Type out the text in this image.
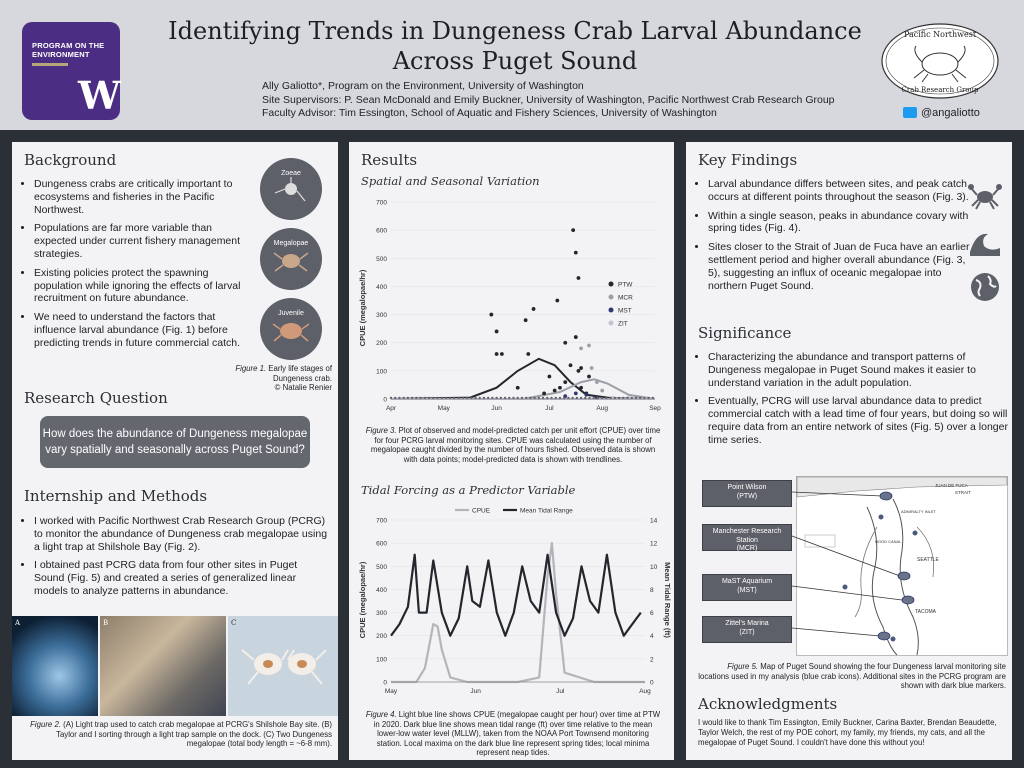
PROGRAM ON THE
ENVIRONMENT
W
Identifying Trends in Dungeness Crab Larval Abundance
Across Puget Sound
Ally Galiotto*, Program on the Environment, University of Washington
Site Supervisors: P. Sean McDonald and Emily Buckner, University of Washington, Pacific Northwest Crab Research Group
Faculty Advisor: Tim Essington, School of Aquatic and Fishery Sciences, University of Washington
Pacific Northwest
Crab Research Group
@angaliotto
Background
• Dungeness crabs are critically important to ecosystems and fisheries in the Pacific Northwest.
• Populations are far more variable than expected under current fishery management strategies.
• Existing policies protect the spawning population while ignoring the effects of larval recruitment on future abundance.
• We need to understand the factors that influence larval abundance (Fig. 1) before predicting trends in future commercial catch.
Zoeae
Megalopae
Juvenile
Figure 1. Early life stages of Dungeness crab.
© Natalie Renier
Research Question
How does the abundance of Dungeness megalopae vary spatially and seasonally across Puget Sound?
Internship and Methods
• I worked with Pacific Northwest Crab Research Group (PCRG) to monitor the abundance of Dungeness crab megalopae using a light trap at Shilshole Bay (Fig. 2).
• I obtained past PCRG data from four other sites in Puget Sound (Fig. 5) and created a series of generalized linear models to analyze patterns in abundance.
A	B	C
Figure 2. (A) Light trap used to catch crab megalopae at PCRG's Shilshole Bay site. (B) Taylor and I sorting through a light trap sample on the dock. (C) Two Dungeness megalopae (total body length = ~6-8 mm).
Results
Spatial and Seasonal Variation
CPUE (megalopae/hr)
0
100
200
300
400
500
600
700
Apr	May	Jun	Jul	Aug	Sep
PTW
MCR
MST
ZIT
Figure 3. Plot of observed and model-predicted catch per unit effort (CPUE) over time for four PCRG larval monitoring sites. CPUE was calculated using the number of megalopae caught divided by the number of hours fished. Observed data is shown with data points; model-predicted data is shown with trendlines.
Tidal Forcing as a Predictor Variable
CPUE (megalopae/hr)	Mean Tidal Range (ft)
0
100
200
300
400
500
600
700
0
2
4
6
8
10
12
14
May	Jun	Jul	Aug
CPUE	Mean Tidal Range
Figure 4. Light blue line shows CPUE (megalopae caught per hour) over time at PTW in 2020. Dark blue line shows mean tidal range (ft) over time relative to the mean lower-low water level (MLLW), taken from the NOAA Port Townsend monitoring station. Local maxima on the dark blue line represent spring tides; local minima represent neap tides.
Key Findings
• Larval abundance differs between sites, and peak catch occurs at different points throughout the season (Fig. 3).
• Within a single season, peaks in abundance covary with spring tides (Fig. 4).
• Sites closer to the Strait of Juan de Fuca have an earlier settlement period and higher overall abundance (Fig. 3, 5), suggesting an influx of oceanic megalopae into northern Puget Sound.
Significance
• Characterizing the abundance and transport patterns of Dungeness megalopae in Puget Sound makes it easier to understand variation in the adult population.
• Eventually, PCRG will use larval abundance data to predict commercial catch with a lead time of four years, but doing so will require data from an entire network of sites (Fig. 5) over a longer time series.
JUAN DE FUCA
STRAIT
ADMIRALTY INLET
HOOD CANAL
SEATTLE
TACOMA
Point Wilson
(PTW)
Manchester Research Station
(MCR)
MaST Aquarium
(MST)
Zittel's Marina
(ZIT)
Figure 5. Map of Puget Sound showing the four Dungeness larval monitoring site locations used in my analysis (blue crab icons). Additional sites in the PCRG program are shown with dark blue markers.
Acknowledgments
I would like to thank Tim Essington, Emily Buckner, Carina Baxter, Brendan Beaudette, Taylor Welch, the rest of my POE cohort, my family, my friends, my cats, and all the megalopae of Puget Sound. I couldn't have done this without you!
